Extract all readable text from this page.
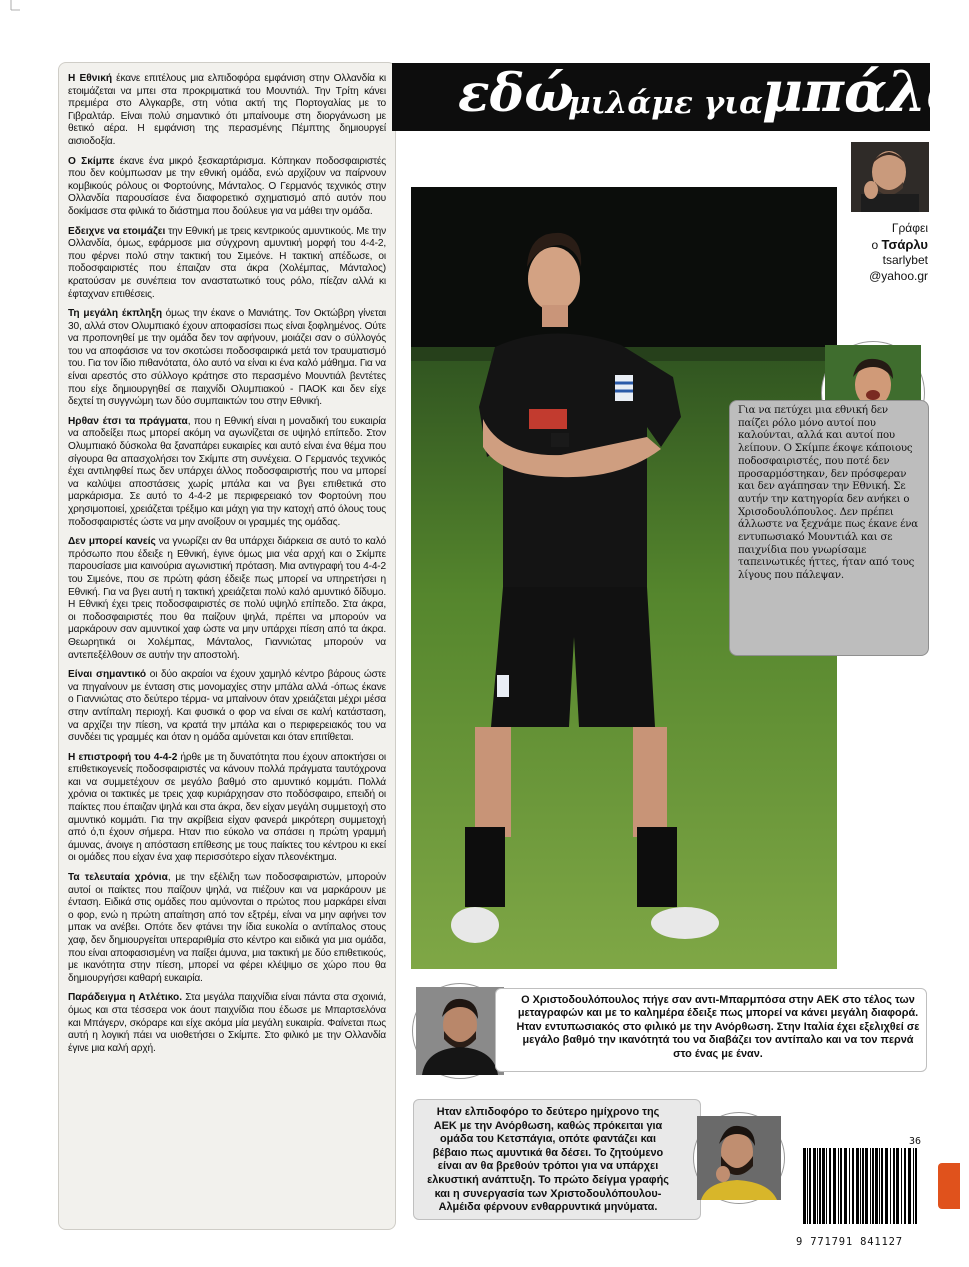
Η Εθνική έκανε επιτέλους μια ελπιδοφόρα εμφάνιση στην Ολλανδία κι ετοιμάζεται να μπει στα προκριματικά του Μουντιάλ. Την Τρίτη κάνει πρεμιέρα στο Αλγκαρβε, στη νότια ακτή της Πορτογαλίας με το Γιβραλτάρ. Είναι πολύ σημαντικό ότι μπαίνουμε στη διοργάνωση με θετικό αέρα. Η εμφάνιση της περασμένης Πέμπτης δημιουργεί αισιοδοξία.

Ο Σκίμπε έκανε ένα μικρό ξεσκαρτάρισμα. Κόπηκαν ποδοσφαιριστές που δεν κούμπωσαν με την εθνική ομάδα, ενώ αρχίζουν να παίρνουν κομβικούς ρόλους οι Φορτούνης, Μάνταλος. Ο Γερμανός τεχνικός στην Ολλανδία παρουσίασε ένα διαφορετικό σχηματισμό από αυτόν που δοκίμασε στα φιλικά το διάστημα που δούλευε για να μάθει την ομάδα.

Εδειχνε να ετοιμάζει την Εθνική με τρεις κεντρικούς αμυντικούς. Με την Ολλανδία, όμως, εφάρμοσε μια σύγχρονη αμυντική μορφή του 4-4-2, που φέρνει πολύ στην τακτική του Σιμεόνε. Η τακτική απέδωσε, οι ποδοσφαιριστές που έπαιζαν στα άκρα (Χολέμπας, Μάνταλος) κρατούσαν με συνέπεια τον αναστατωτικό τους ρόλο, πίεζαν αλλά κι έφταχναν επιθέσεις.

Τη μεγάλη έκπληξη όμως την έκανε ο Μανιάτης. Τον Οκτώβρη γίνεται 30, αλλά στον Ολυμπιακό έχουν αποφασίσει πως είναι ξοφλημένος. Ούτε να προπονηθεί με την ομάδα δεν τον αφήνουν, μοιάζει σαν ο σύλλογός του να αποφάσισε να τον σκοτώσει ποδοσφαιρικά μετά τον τραυματισμό του. Για τον ίδιο πιθανότατα, όλο αυτό να είναι κι ένα καλό μάθημα. Για να είναι αρεστός στο σύλλογο κράτησε στο περασμένο Μουντιάλ βεντέτες που είχε δημιουργηθεί σε παιχνίδι Ολυμπιακού - ΠΑΟΚ και δεν είχε δεχτεί τη συγγνώμη των δύο συμπαικτών του στην Εθνική.

Ηρθαν έτσι τα πράγματα, που η Εθνική είναι η μοναδική του ευκαιρία να αποδείξει πως μπορεί ακόμη να αγωνίζεται σε υψηλό επίπεδο. Στον Ολυμπιακό δύσκολα θα ξαναπάρει ευκαιρίες και αυτό είναι ένα θέμα που σίγουρα θα απασχολήσει τον Σκίμπε στη συνέχεια. Ο Γερμανός τεχνικός έχει αντιληφθεί πως δεν υπάρχει άλλος ποδοσφαιριστής που να μπορεί να καλύψει αποστάσεις χωρίς μπάλα και να βγει επιθετικά στο μαρκάρισμα. Σε αυτό το 4-4-2 με περιφερειακό τον Φορτούνη που χρησιμοποιεί, χρειάζεται τρέξιμο και μάχη για την κατοχή από όλους τους ποδοσφαιριστές ώστε να μην ανοίξουν οι γραμμές της ομάδας.

Δεν μπορεί κανείς να γνωρίζει αν θα υπάρχει διάρκεια σε αυτό το καλό πρόσωπο που έδειξε η Εθνική, έγινε όμως μια νέα αρχή και ο Σκίμπε παρουσίασε μια καινούρια αγωνιστική πρόταση. Μια αντιγραφή του 4-4-2 του Σιμεόνε, που σε πρώτη φάση έδειξε πως μπορεί να υπηρετήσει η Εθνική. Για να βγει αυτή η τακτική χρειάζεται πολύ καλό αμυντικό δίδυμο. Η Εθνική έχει τρεις ποδοσφαιριστές σε πολύ υψηλό επίπεδο. Στα άκρα, οι ποδοσφαιριστές που θα παίζουν ψηλά, πρέπει να μπορούν να μαρκάρουν σαν αμυντικοί χαφ ώστε να μην υπάρχει πίεση από τα άκρα. Θεωρητικά οι Χολέμπας, Μάνταλος, Γιαννιώτας μπορούν να αντεπεξέλθουν σε αυτήν την αποστολή.

Είναι σημαντικό οι δύο ακραίοι να έχουν χαμηλό κέντρο βάρους ώστε να πηγαίνουν με ένταση στις μονομαχίες στην μπάλα αλλά -όπως έκανε ο Γιαννιώτας στο δεύτερο τέρμα- να μπαίνουν όταν χρειάζεται μέχρι μέσα στην αντίπαλη περιοχή. Και φυσικά ο φορ να είναι σε καλή κατάσταση, να αρχίζει την πίεση, να κρατά την μπάλα και ο περιφερειακός του να συνδέει τις γραμμές και όταν η ομάδα αμύνεται και όταν επιτίθεται.

Η επιστροφή του 4-4-2 ήρθε με τη δυνατότητα που έχουν αποκτήσει οι επιθετικογενείς ποδοσφαιριστές να κάνουν πολλά πράγματα ταυτόχρονα και να συμμετέχουν σε μεγάλο βαθμό στο αμυντικό κομμάτι. Πολλά χρόνια οι τακτικές με τρεις χαφ κυριάρχησαν στο ποδόσφαιρο, επειδή οι παίκτες που έπαιζαν ψηλά και στα άκρα, δεν είχαν μεγάλη συμμετοχή στο αμυντικό κομμάτι. Για την ακρίβεια είχαν φανερά μικρότερη συμμετοχή από ό,τι έχουν σήμερα. Ηταν πιο εύκολο να σπάσει η πρώτη γραμμή άμυνας, άνοιγε η απόσταση επίθεσης με τους παίκτες του κέντρου κι εκεί οι ομάδες που είχαν ένα χαφ περισσότερο είχαν πλεονέκτημα.

Τα τελευταία χρόνια, με την εξέλιξη των ποδοσφαιριστών, μπορούν αυτοί οι παίκτες που παίζουν ψηλά, να πιέζουν και να μαρκάρουν με ένταση. Ειδικά στις ομάδες που αμύνονται ο πρώτος που μαρκάρει είναι ο φορ, ενώ η πρώτη απαίτηση από τον εξτρέμ, είναι να μην αφήνει τον μπακ να ανέβει. Οπότε δεν φτάνει την ίδια ευκολία ο αντίπαλος στους χαφ, δεν δημιουργείται υπεραριθμία στο κέντρο και ειδικά για μια ομάδα, που είναι αποφασισμένη να παίξει άμυνα, μια τακτική με δύο επιθετικούς, με ικανότητα στην πίεση, μπορεί να φέρει κλέψιμο σε χώρο που θα δημιουργήσει καθαρή ευκαιρία.

Παράδειγμα η Ατλέτικο. Στα μεγάλα παιχνίδια είναι πάντα στα σχοινιά, όμως και στα τέσσερα νοκ άουτ παιχνίδια που έδωσε με Μπαρτσελόνα και Μπάγερν, σκόραρε και είχε ακόμα μία μεγάλη ευκαιρία. Φαίνεται πως αυτή η λογική πάει να υιοθετήσει ο Σκίμπε. Στο φιλικό με την Ολλανδία έγινε μια καλή αρχή.

εδώ
μιλάμε για μπάλα
Γράφει
ο Τσάρλυ
tsarlybet
@yahoo.gr

Για να πετύχει μια εθνική δεν παίζει ρόλο μόνο αυτοί που καλούνται, αλλά και αυτοί που λείπουν. Ο Σκίμπε έκοψε κάποιους ποδοσφαιριστές, που ποτέ δεν προσαρμόστηκαν, δεν πρόσφεραν και δεν αγάπησαν την Εθνική. Σε αυτήν την κατηγορία δεν ανήκει ο Χρισοδουλόπουλος. Δεν πρέπει άλλωστε να ξεχνάμε πως έκανε ένα εντυπωσιακό Μουντιάλ και σε παιχνίδια που γνωρίσαμε ταπεινωτικές ήττες, ήταν από τους λίγους που πάλεψαν.

Ο Χριστοδουλόπουλος πήγε σαν αντι-Μπαρμπόσα στην ΑΕΚ στο τέλος των μεταγραφών και με το καλημέρα έδειξε πως μπορεί να κάνει μεγάλη διαφορά. Ηταν εντυπωσιακός στο φιλικό με την Ανόρθωση. Στην Ιταλία έχει εξελιχθεί σε μεγάλο βαθμό την ικανότητά του να διαβάζει τον αντίπαλο και να τον περνά στο ένας με έναν.

Ηταν ελπιδοφόρο το δεύτερο ημίχρονο της ΑΕΚ με την Ανόρθωση, καθώς πρόκειται για ομάδα του Κετσπάγια, οπότε φαντάζει και βέβαιο πως αμυντικά θα δέσει. Το ζητούμενο είναι αν θα βρεθούν τρόποι για να υπάρχει ελκυστική ανάπτυξη. Το πρώτο δείγμα γραφής και η συνεργασία των Χριστοδουλόπουλου-Αλμέιδα φέρνουν ενθαρρυντικά μηνύματα.

36
9 771791 841127
